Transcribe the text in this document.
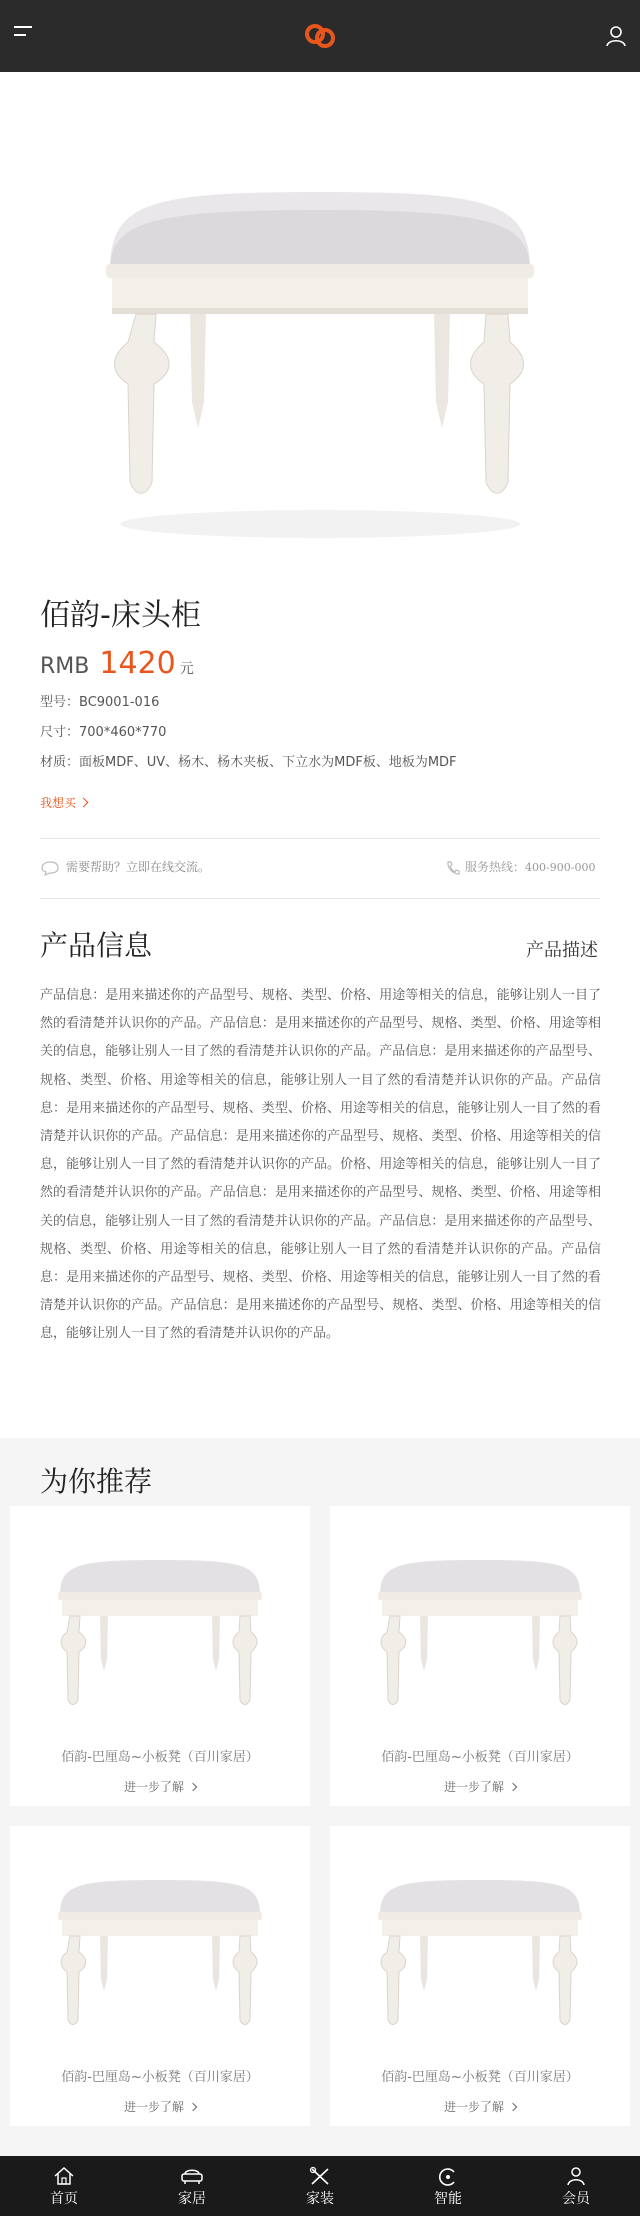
佰韵-床头柜
RMB 1420 元
型号：BC9001-016
尺寸：700*460*770
材质：面板MDF、UV、杨木、杨木夹板、下立水为MDF板、地板为MDF
我想买
需要帮助？立即在线交流。	服务热线：400-900-000
产品信息	产品描述
产品信息：是用来描述你的产品型号、规格、类型、价格、用途等相关的信息，能够让别人一目了然的看清楚并认识你的产品。产品信息：是用来描述你的产品型号、规格、类型、价格、用途等相关的信息，能够让别人一目了然的看清楚并认识你的产品。产品信息：是用来描述你的产品型号、规格、类型、价格、用途等相关的信息，能够让别人一目了然的看清楚并认识你的产品。产品信息：是用来描述你的产品型号、规格、类型、价格、用途等相关的信息，能够让别人一目了然的看清楚并认识你的产品。产品信息：是用来描述你的产品型号、规格、类型、价格、用途等相关的信息，能够让别人一目了然的看清楚并认识你的产品。价格、用途等相关的信息，能够让别人一目了然的看清楚并认识你的产品。产品信息：是用来描述你的产品型号、规格、类型、价格、用途等相关的信息，能够让别人一目了然的看清楚并认识你的产品。产品信息：是用来描述你的产品型号、规格、类型、价格、用途等相关的信息，能够让别人一目了然的看清楚并认识你的产品。产品信息：是用来描述你的产品型号、规格、类型、价格、用途等相关的信息，能够让别人一目了然的看清楚并认识你的产品。产品信息：是用来描述你的产品型号、规格、类型、价格、用途等相关的信息，能够让别人一目了然的看清楚并认识你的产品。
为你推荐
佰韵-巴厘岛~小板凳（百川家居）
进一步了解
佰韵-巴厘岛~小板凳（百川家居）
进一步了解
佰韵-巴厘岛~小板凳（百川家居）
进一步了解
佰韵-巴厘岛~小板凳（百川家居）
进一步了解
首页	家居	家装	智能	会员
